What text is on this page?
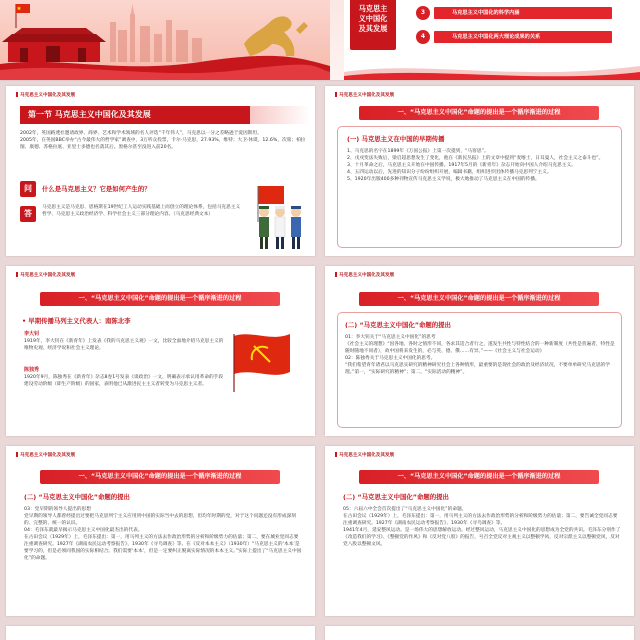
马克思主义中国化及其发展
3	马克思主义中国化的科学内涵
4	马克思主义中国化两大理论成果的关系
马克思主义中国化及其发展
第一节 马克思主义中国化及其发展

2002年，英国路透社邀请政界、商界、艺术和学术领域的名人评选“千年伟人”，马克思以一分之差略逊于爱因斯坦。

2005年，在英国BBC举办“古今最伟大的哲学家”调查中，3万听众投票，卡尔·马克思，27.93%，维特；大卫·休谟，12.6%，次席；柏拉图、康德、苏格拉底、亚里士多德也名落其后。黑格尔甚至没进入前20名。

问	什么是马克思主义？它是如何产生的？
答
马克思主义是马克思、恩格斯在19世纪工人运动实践基础上而创立的理论体系，包括马克思主义哲学、马克思主义政治经济学、科学社会主义三部分理论内容。（马克思经典文本）
马克思主义中国化及其发展
一、“马克思主义中国化”命题的提出是一个循序渐进的过程
(一) 马克思主义在中国的早期传播

1、马克思的名字在1899年《万国公报》上第一次提到，“马客思”。

2、戊戌变法失败后，梁启超思想发生了变化，他在《新民丛报》上的文章中提到“麦喀士，日耳曼人，社会主义之泰斗也”。

3、十月革命之后，马克思主义开始在中国传播。1917年5月的《新青年》杂志开始向中国人介绍马克思主义。

4、五四运动以后，先进的知识分子纷纷组织开展，编辑书籍，组织进步团体传播马克思列宁主义。

5、1920年出版400多种刊物宣传马克思主义学说，极大地推动了马克思主义在中国的传播。

马克思主义中国化及其发展
一、“马克思主义中国化”命题的提出是一个循序渐进的过程
• 早期传播马列主义代表人：南陈北李
李大钊
1919年，李大钊在《新青年》上发表《我的马克思主义观》一文，比较全面地介绍马克思主义的唯物史观、经济学说和社会主义理论。
陈独秀
1920年9月，陈独秀在《新青年》杂志8卷1号发表《谈政治》一文，明确表示承认用革命的手段建设劳动阶级（即生产阶级）的国家，表明他已从激进民主主义者转变为马克思主义者。
马克思主义中国化及其发展
一、“马克思主义中国化”命题的提出是一个循序渐进的过程
(二) “马克思主义中国化”命题的提出

01：李大钊关于“马克思主义中国化”的思考

《社会主义的理想》“因各地、各时之情形不同，各求其适合者行之，遂发生共性与特性结合的一种新制度（共性是普遍者，特性是随时随地不同者），故中国将来发生的，必与英、德、俄……有异。”——《社会主义与社会运动》

02：陈独秀关于马克思主义中国化的思考。

“我们希望青年诸君以马克思实研究的精神研究社会上各种情形，最重要的是现社会的政治及经济状况，不要单单研究马克思的学理。”第一，“实际研究的精神”；第二，“实际活动的精神”。

马克思主义中国化及其发展
一、“马克思主义中国化”命题的提出是一个循序渐进的过程
(二) “马克思主义中国化”命题的提出

03：党早期的领导人提出的思想

党早期的领导人都曾经提出过要把马克思列宁主义应用到中国的实际当中去的思想，但均年时期的党，对于这个问题还没有形成深刻的、完整的、统一的认识。

04：毛泽东就最早揭示马克思主义中国化最杰出的代表。

在古田会议（1929年）上，毛泽东提出：第一，用马列主义的方法去作政治形势的分析和阶级势力的估量；第二，要在城业党同志要注重调查研究。1927年《湖南农民运动考察报告》，1930年《寻乌调查》等。在《反对本本主义》（1930年）“马克思主义的‘本本’是要学习的，但是必须同我国的实际相结合。我们需要‘本本’，但是一定要纠正脱离实际情况的本本主义。”实际上提出了“马克思主义中国化”的命题。

马克思主义中国化及其发展
一、“马克思主义中国化”命题的提出是一个循序渐进的过程
(二) “马克思主义中国化”命题的提出

05：六届六中全会首次提出了“马克思主义中国化”的命题。

在古田会议（1929年）上，毛泽东提出：第一，用马列主义的方法去作政治形势的分析和阶级势力的估量；第二，要告诫全党同志要注重调查研究。1927年《湖南农民运动考察报告》、1930年《寻乌调查》等。

1941年4月，延安整风运动。是一场伟大的思想解放运动。经过整风运动，马克思主义中国化的思想成为全党的共识。毛泽东分别作了《改造我们的学习》、《整顿党的作风》和《反对党八股》的报告，号召全党反对主观主义以整顿学风，反对宗派主义以整顿党风，反对党八股以整顿文风。
